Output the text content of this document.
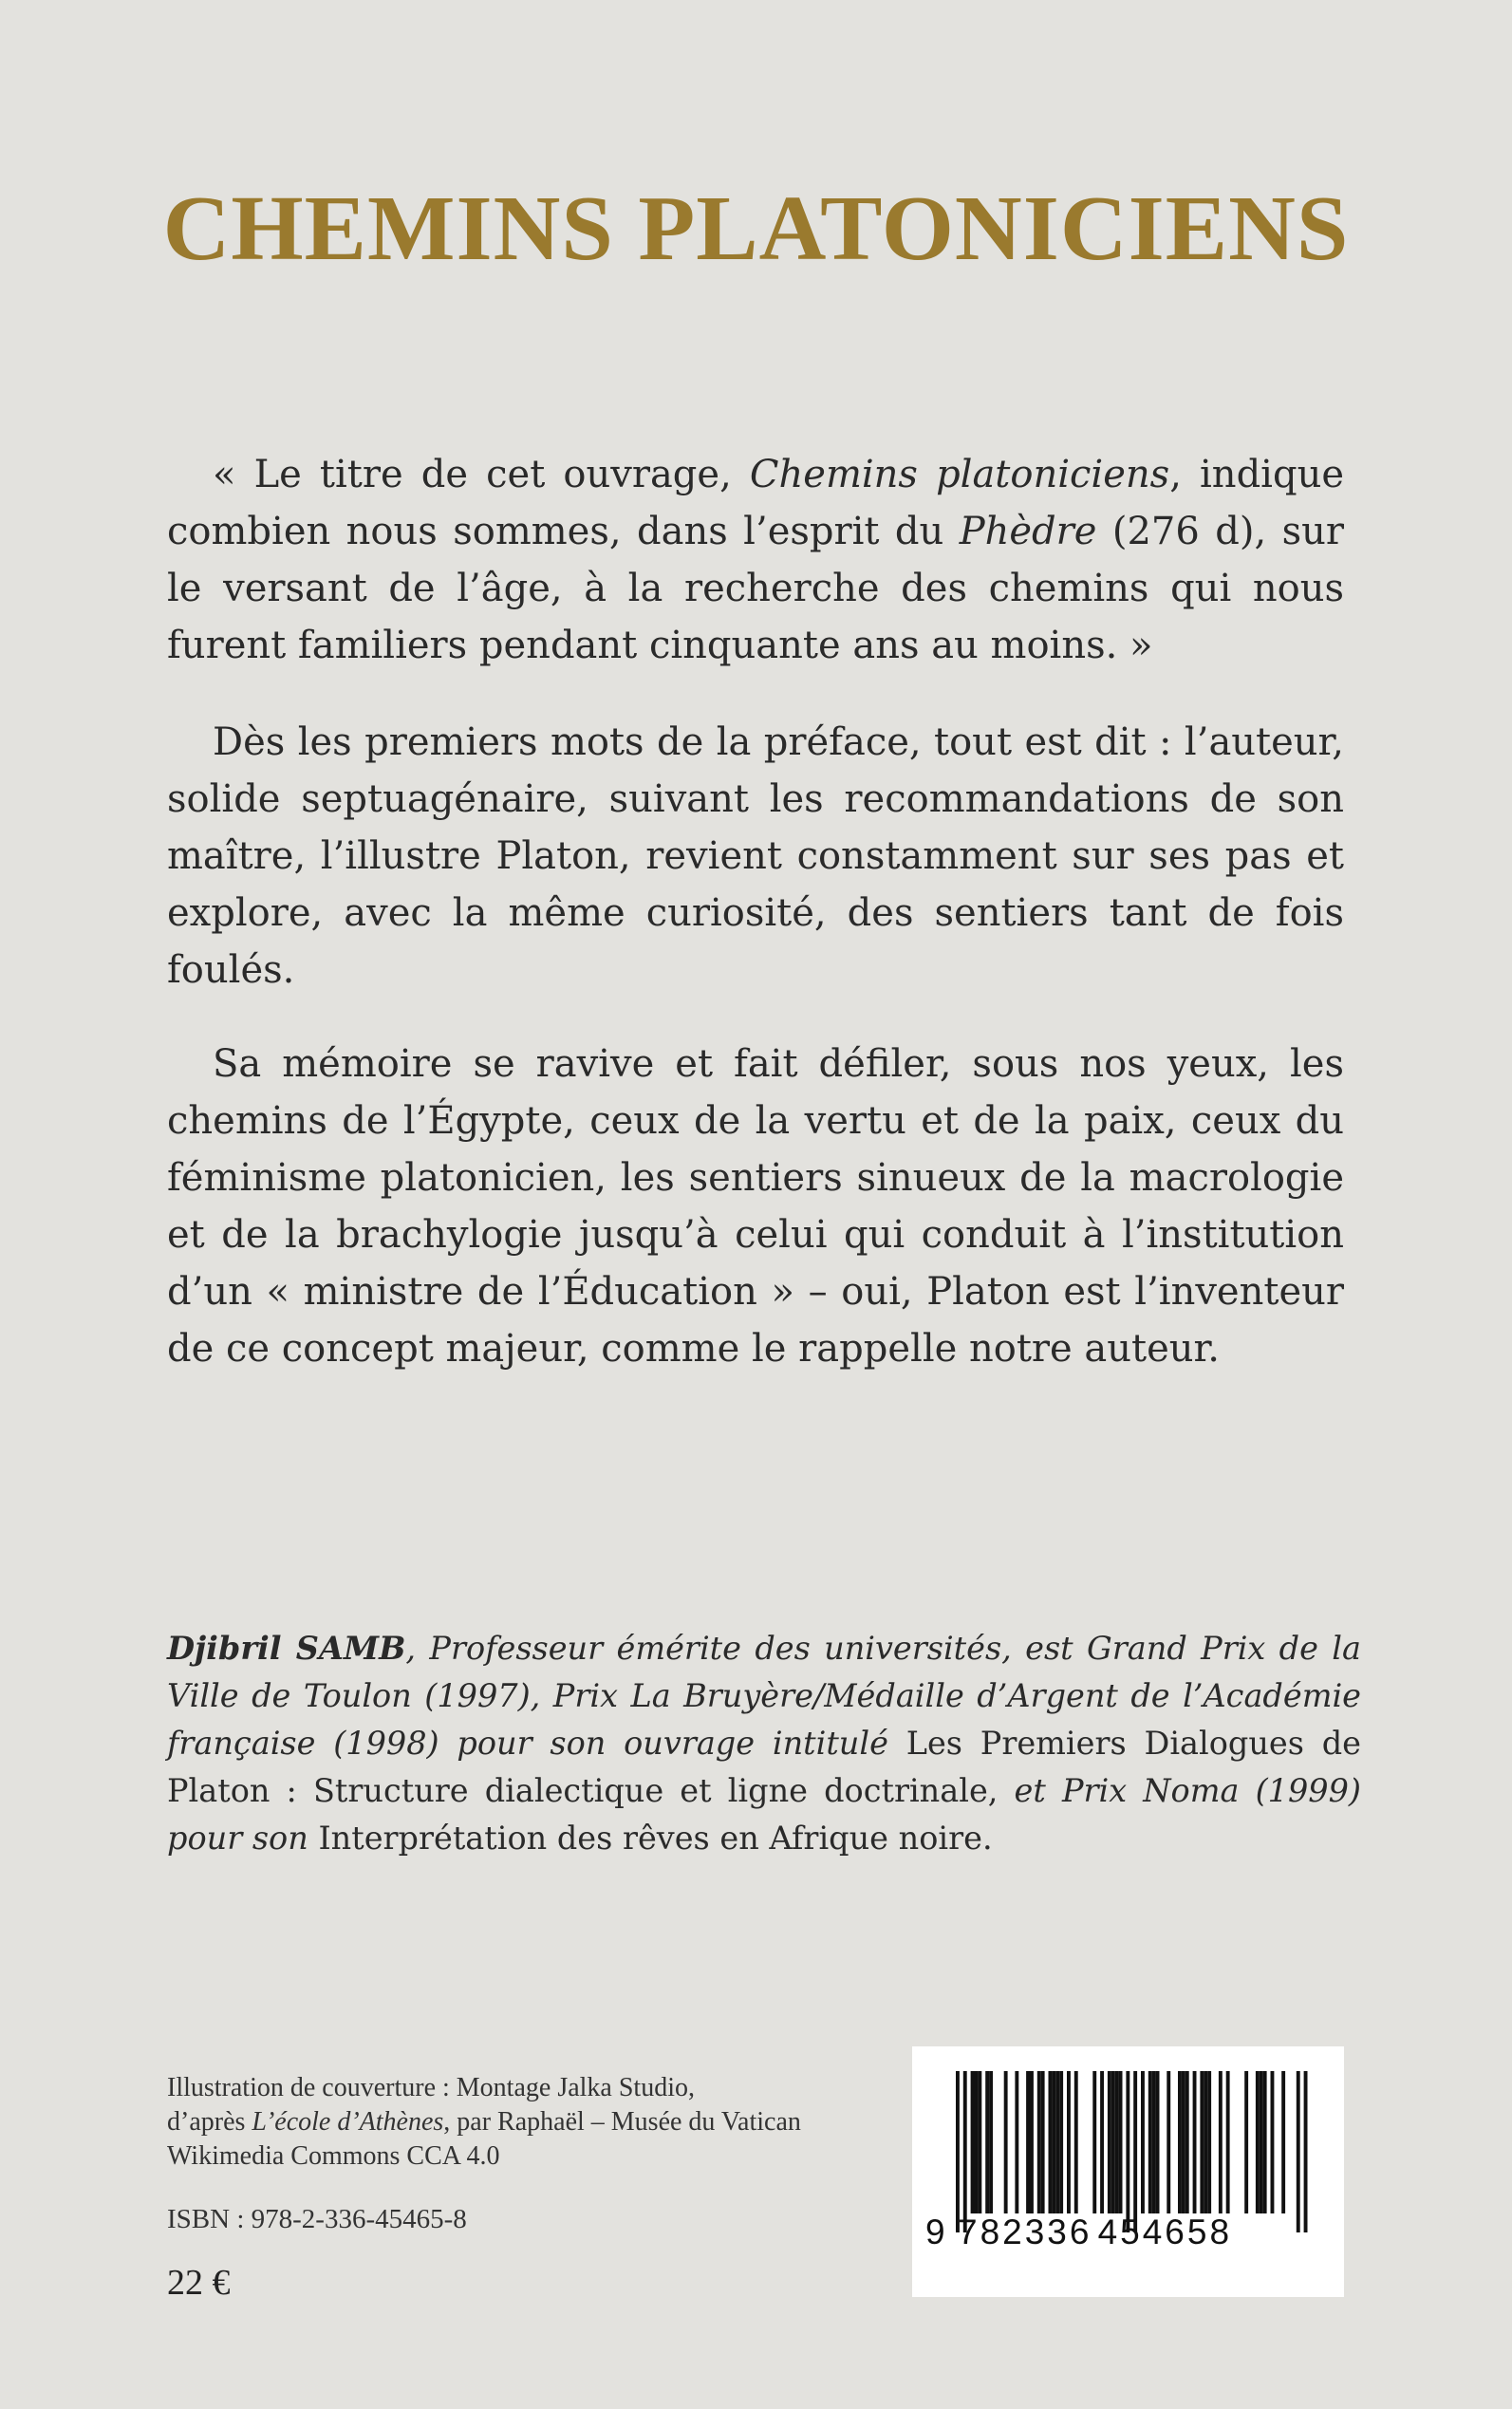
CHEMINS PLATONICIENS

« Le titre de cet ouvrage, Chemins platoniciens, indique combien nous sommes, dans l’esprit du Phèdre (276 d), sur le versant de l’âge, à la recherche des chemins qui nous furent familiers pendant cinquante ans au moins. »

Dès les premiers mots de la préface, tout est dit : l’auteur, solide septuagénaire, suivant les recommandations de son maître, l’illustre Platon, revient constamment sur ses pas et explore, avec la même curiosité, des sentiers tant de fois foulés.

Sa mémoire se ravive et fait défiler, sous nos yeux, les chemins de l’Égypte, ceux de la vertu et de la paix, ceux du féminisme platonicien, les sentiers sinueux de la macrologie et de la brachylogie jusqu’à celui qui conduit à l’institution d’un « ministre de l’Éducation » – oui, Platon est l’inventeur de ce concept majeur, comme le rappelle notre auteur.

Djibril SAMB, Professeur émérite des universités, est Grand Prix de la Ville de Toulon (1997), Prix La Bruyère/Médaille d’Argent de l’Académie française (1998) pour son ouvrage intitulé Les Premiers Dialogues de Platon : Structure dialectique et ligne doctrinale, et Prix Noma (1999) pour son Interprétation des rêves en Afrique noire.

Illustration de couverture : Montage Jalka Studio,
d’après L’école d’Athènes, par Raphaël – Musée du Vatican
Wikimedia Commons CCA 4.0
ISBN : 978-2-336-45465-8
22 €
9  782336  454658
